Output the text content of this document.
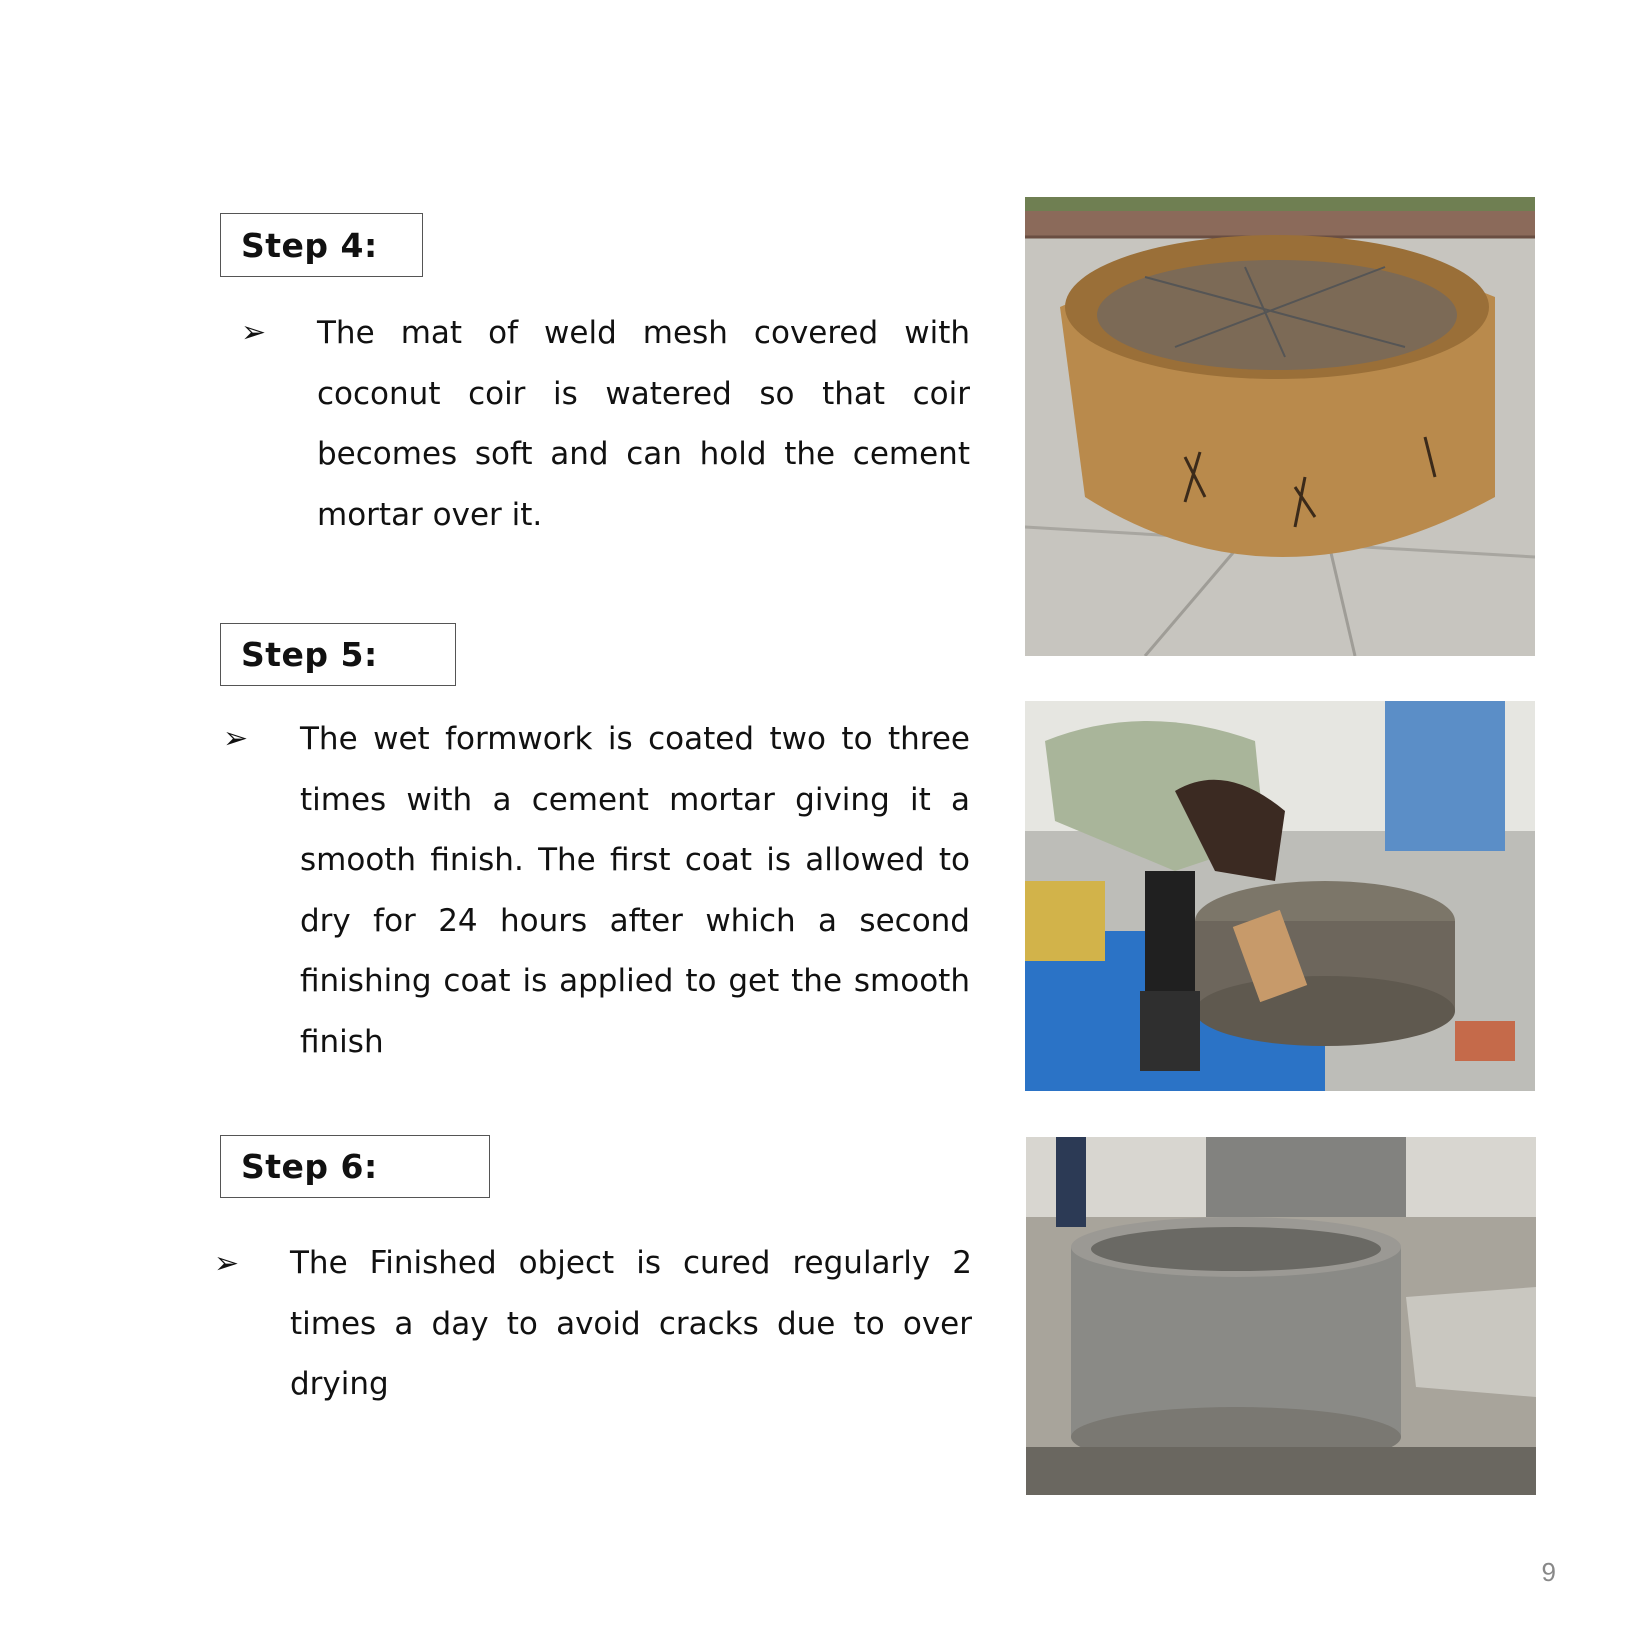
Step 4:
➢ The mat of weld mesh covered with coconut coir is watered so that coir becomes soft and can hold the cement mortar over it.

Step 5:
➢ The wet formwork is coated two to three times with a cement mortar giving it a smooth finish. The first coat is allowed to dry for 24 hours after which a second finishing coat is applied to get the smooth finish

Step 6:
➢ The Finished object is cured regularly 2 times a day to avoid cracks due to over drying

9
